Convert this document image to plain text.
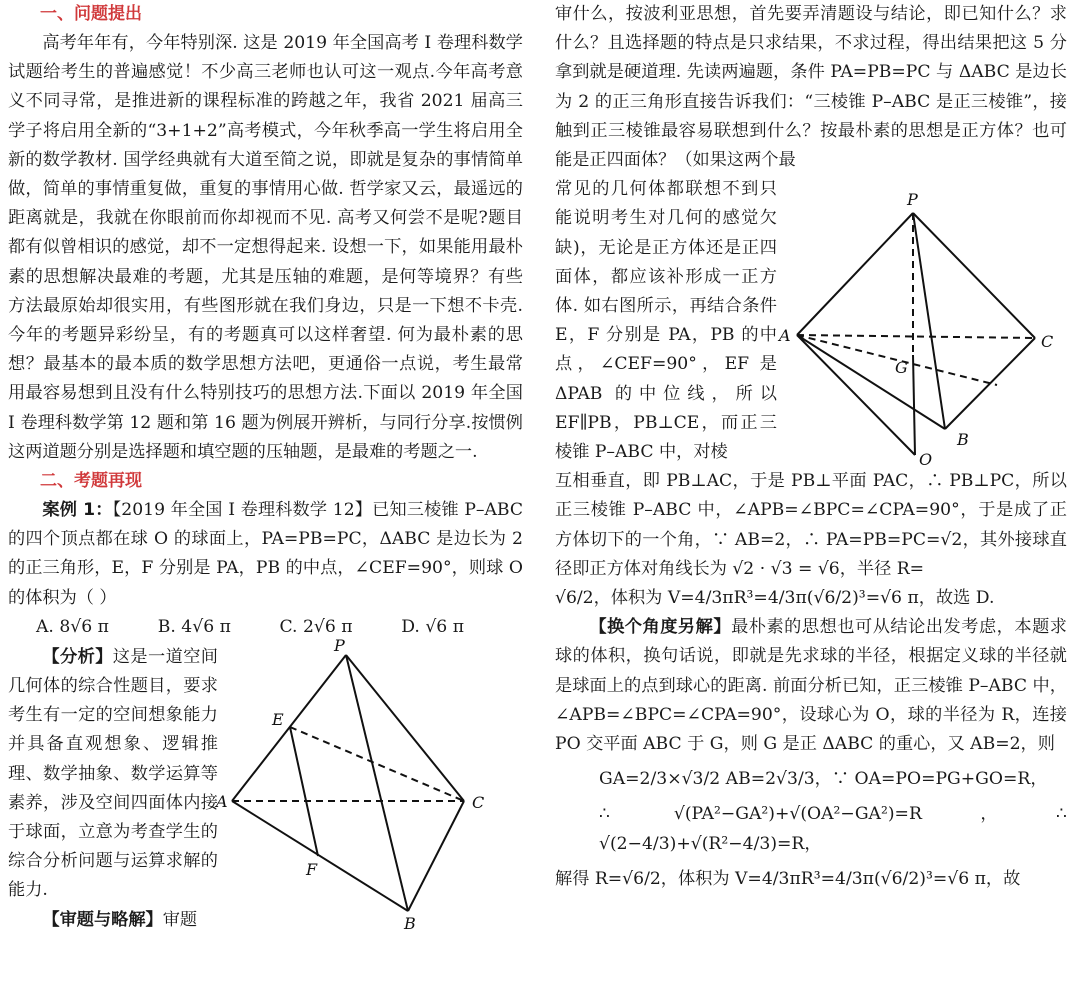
一、问题提出

高考年年有，今年特别深. 这是 2019 年全国高考 I 卷理科数学试题给考生的普遍感觉！不少高三老师也认可这一观点.今年高考意义不同寻常，是推进新的课程标准的跨越之年，我省 2021 届高三学子将启用全新的“3+1+2”高考模式，今年秋季高一学生将启用全新的数学教材. 国学经典就有大道至简之说，即就是复杂的事情简单做，简单的事情重复做，重复的事情用心做. 哲学家又云，最遥远的距离就是，我就在你眼前而你却视而不见. 高考又何尝不是呢?题目都有似曾相识的感觉，却不一定想得起来. 设想一下，如果能用最朴素的思想解决最难的考题，尤其是压轴的难题，是何等境界？有些方法最原始却很实用，有些图形就在我们身边，只是一下想不卡壳. 今年的考题异彩纷呈，有的考题真可以这样奢望. 何为最朴素的思想？最基本的最本质的数学思想方法吧，更通俗一点说，考生最常用最容易想到且没有什么特别技巧的思想方法.下面以 2019 年全国 I 卷理科数学第 12 题和第 16 题为例展开辨析，与同行分享.按惯例这两道题分别是选择题和填空题的压轴题，是最难的考题之一.

二、考题再现

案例 1：【2019 年全国 I 卷理科数学 12】已知三棱锥 P–ABC 的四个顶点都在球 O 的球面上，PA=PB=PC，ΔABC 是边长为 2 的正三角形，E，F 分别是 PA，PB 的中点，∠CEF=90°，则球 O 的体积为（ ）

A. 8√6 π	B. 4√6 π	C. 2√6 π	D. √6 π

【分析】这是一道空间几何体的综合性题目，要求考生有一定的空间想象能力并具备直观想象、逻辑推理、数学抽象、数学运算等素养，涉及空间四面体内接于球面，立意为考查学生的综合分析问题与运算求解的能力.

【审题与略解】审题

P
E
A	C
F
B

审什么，按波利亚思想，首先要弄清题设与结论，即已知什么？求什么？且选择题的特点是只求结果，不求过程，得出结果把这 5 分拿到就是硬道理. 先读两遍题，条件 PA=PB=PC 与 ΔABC 是边长为 2 的正三角形直接告诉我们：“三棱锥 P–ABC 是正三棱锥”，接触到正三棱锥最容易联想到什么？按最朴素的思想是正方体？也可能是正四面体？（如果这两个最

常见的几何体都联想不到只能说明考生对几何的感觉欠缺)，无论是正方体还是正四面体，都应该补形成一正方体. 如右图所示，再结合条件 E，F 分别是 PA，PB 的中点，∠CEF=90°，EF 是 ΔPAB 的中位线，所以 EF∥PB，PB⊥CE，而正三棱锥 P–ABC 中，对棱

P
A	C
G
B
O

互相垂直，即 PB⊥AC，于是 PB⊥平面 PAC，∴ PB⊥PC，所以正三棱锥 P–ABC 中，∠APB=∠BPC=∠CPA=90°，于是成了正方体切下的一个角，∵ AB=2，∴ PA=PB=PC=√2，其外接球直径即正方体对角线长为 √2 · √3 = √6，半径 R=

√6/2，体积为 V=4/3πR³=4/3π(√6/2)³=√6 π，故选 D.

【换个角度另解】最朴素的思想也可从结论出发考虑，本题求球的体积，换句话说，即就是先求球的半径，根据定义球的半径就是球面上的点到球心的距离. 前面分析已知，正三棱锥 P–ABC 中，∠APB=∠BPC=∠CPA=90°，设球心为 O，球的半径为 R，连接 PO 交平面 ABC 于 G，则 G 是正 ΔABC 的重心，又 AB=2，则

GA=2/3×√3/2 AB=2√3/3，∵ OA=PO=PG+GO=R，

∴ √(PA²−GA²)+√(OA²−GA²)=R，∴ √(2−4/3)+√(R²−4/3)=R，

解得 R=√6/2，体积为 V=4/3πR³=4/3π(√6/2)³=√6 π，故
